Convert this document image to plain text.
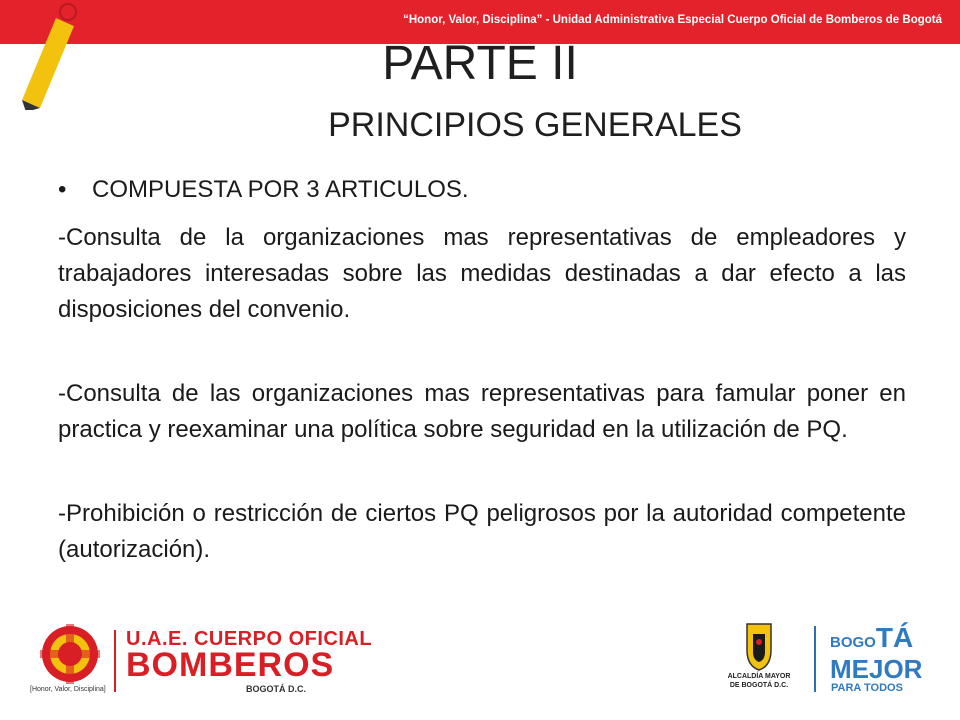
“Honor, Valor, Disciplina” - Unidad Administrativa Especial Cuerpo Oficial de Bomberos de Bogotá
PARTE II
PRINCIPIOS GENERALES
• COMPUESTA POR 3 ARTICULOS.

-Consulta de la organizaciones mas representativas de empleadores y trabajadores interesadas sobre las medidas destinadas a dar efecto a las disposiciones del convenio.

-Consulta de las organizaciones mas representativas para famular poner en practica y reexaminar una política sobre seguridad en la utilización de PQ.

-Prohibición o restricción de ciertos PQ peligrosos por la autoridad competente (autorización).

[Honor, Valor, Disciplina]
U.A.E. CUERPO OFICIAL
BOMBEROS
BOGOTÁ D.C.
ALCALDÍA MAYOR
DE BOGOTÁ D.C.
BOGOTÁ
MEJOR
PARA TODOS
